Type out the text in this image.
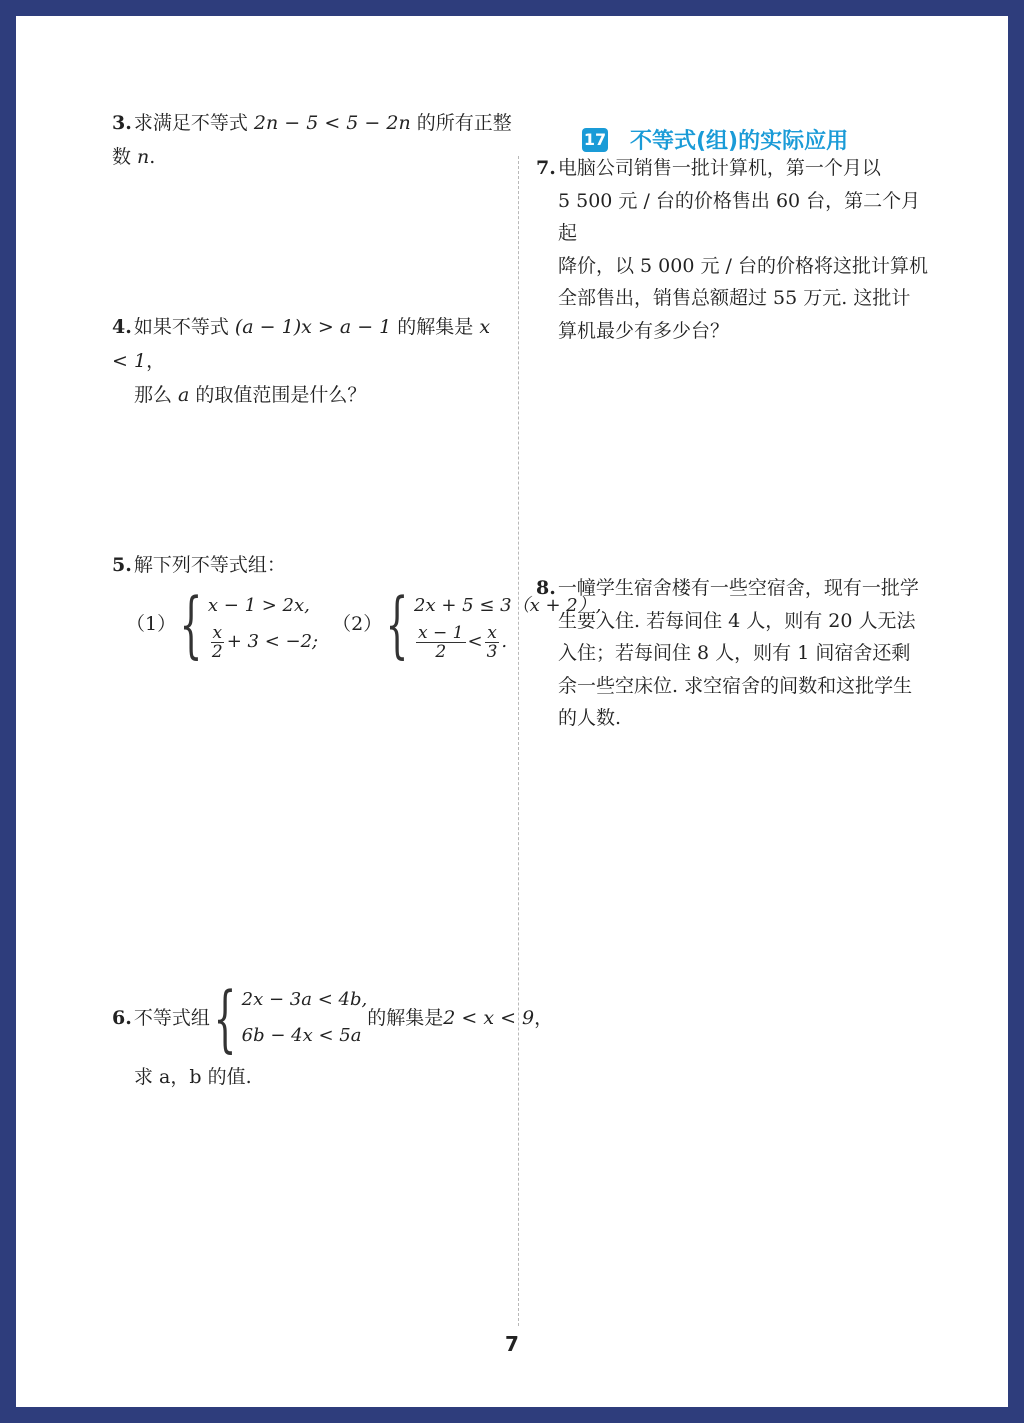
3. 求满足不等式 2n − 5 < 5 − 2n 的所有正整数 n.
4. 如果不等式 (a − 1)x > a − 1 的解集是 x < 1，
那么 a 的取值范围是什么？
5. 解下列不等式组：
（1） { x − 1 > 2x,
$\frac{x}{2} + 3 < -2$;
（2） { 2x + 5 ≤ 3（x + 2）,
$\frac{x - 1}{2} < \frac{x}{3}$ .
6. 不等式组 { 2x − 3a < 4b,
6b − 4x < 5a
的解集是 2 < x < 9 ，
求 a，b 的值.
17 不等式(组)的实际应用
7. 电脑公司销售一批计算机，第一个月以
5 500 元 / 台的价格售出 60 台，第二个月起
降价，以 5 000 元 / 台的价格将这批计算机
全部售出，销售总额超过 55 万元. 这批计
算机最少有多少台？
8. 一幢学生宿舍楼有一些空宿舍，现有一批学
生要入住. 若每间住 4 人，则有 20 人无法
入住；若每间住 8 人，则有 1 间宿舍还剩
余一些空床位. 求空宿舍的间数和这批学生
的人数.
7
